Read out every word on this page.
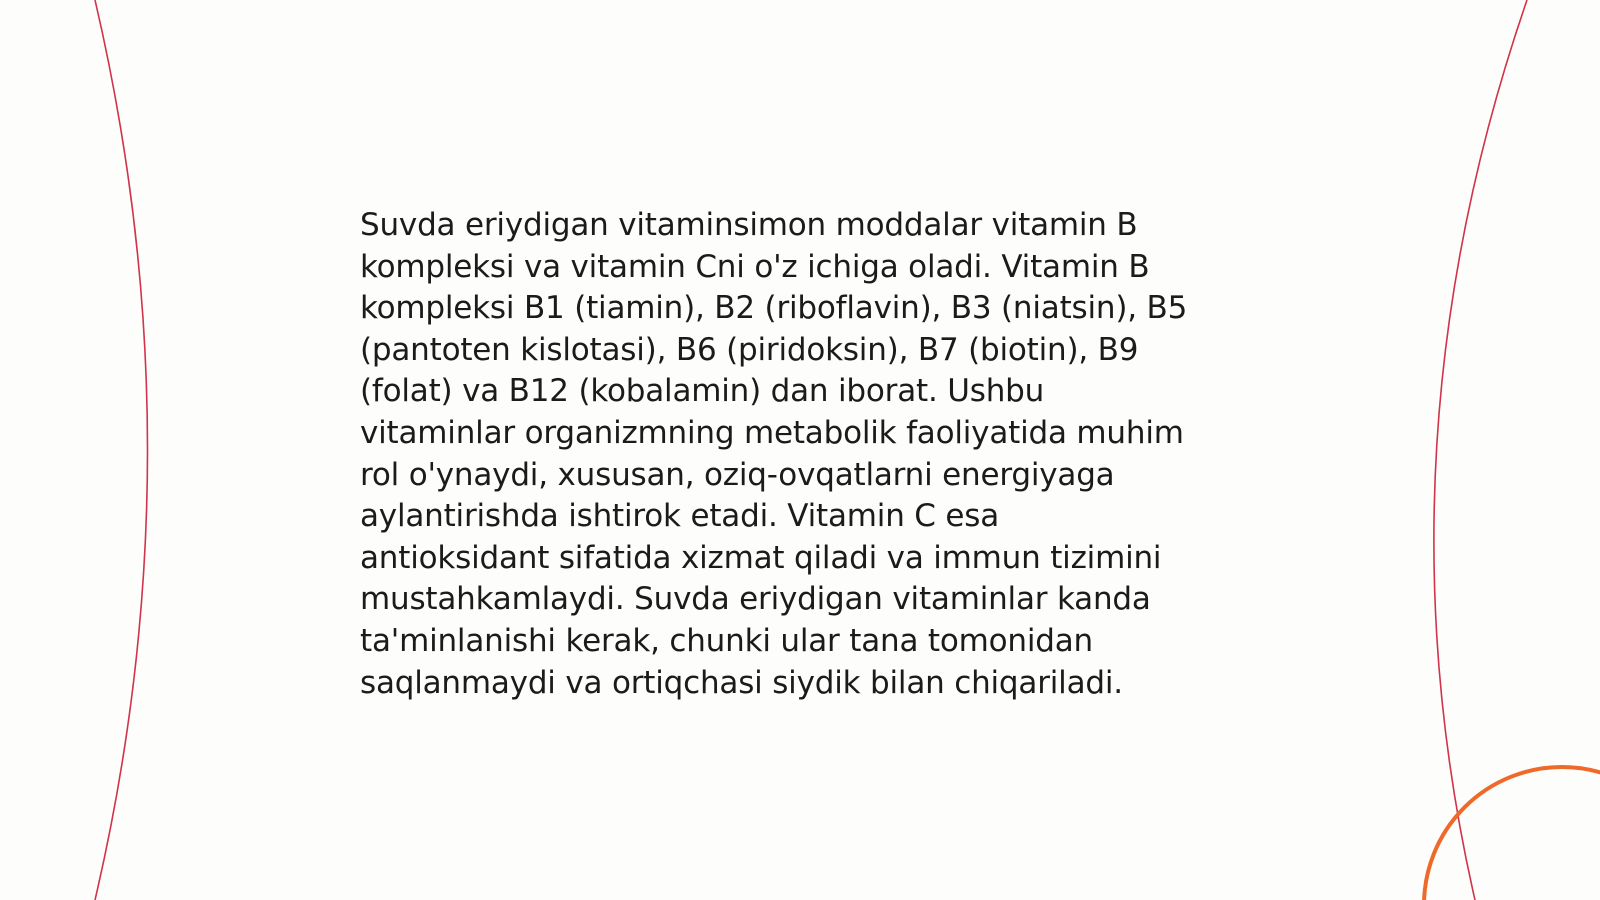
Suvda eriydigan vitaminsimon moddalar vitamin B
kompleksi va vitamin Cni o'z ichiga oladi. Vitamin B
kompleksi B1 (tiamin), B2 (riboflavin), B3 (niatsin), B5
(pantoten kislotasi), B6 (piridoksin), B7 (biotin), B9
(folat) va B12 (kobalamin) dan iborat. Ushbu
vitaminlar organizmning metabolik faoliyatida muhim
rol o'ynaydi, xususan, oziq-ovqatlarni energiyaga
aylantirishda ishtirok etadi. Vitamin C esa
antioksidant sifatida xizmat qiladi va immun tizimini
mustahkamlaydi. Suvda eriydigan vitaminlar kanda
ta'minlanishi kerak, chunki ular tana tomonidan
saqlanmaydi va ortiqchasi siydik bilan chiqariladi.
